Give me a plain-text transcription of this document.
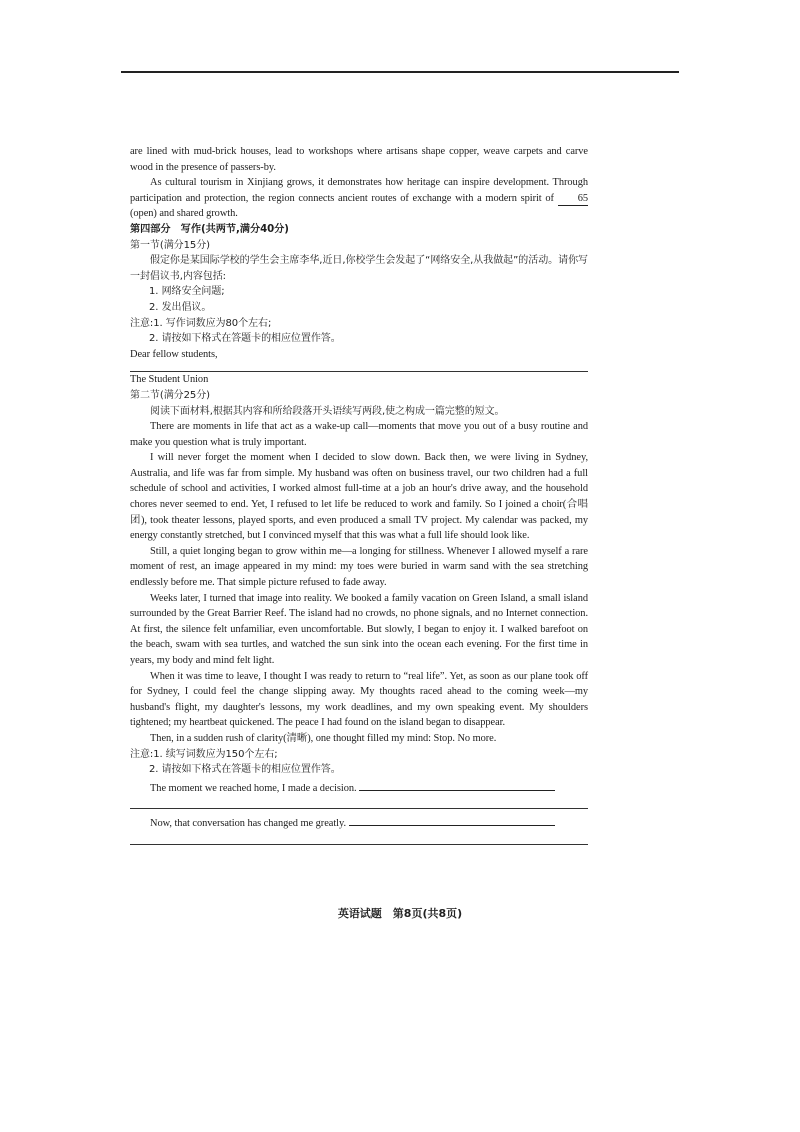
are lined with mud-brick houses, lead to workshops where artisans shape copper, weave carpets and carve wood in the presence of passers-by.

As cultural tourism in Xinjiang grows, it demonstrates how heritage can inspire development. Through participation and protection, the region connects ancient routes of exchange with a modern spirit of 65 (open) and shared growth.

第四部分　写作(共两节,满分40分)

第一节(满分15分)

假定你是某国际学校的学生会主席李华,近日,你校学生会发起了“网络安全,从我做起”的活动。请你写一封倡议书,内容包括:

1. 网络安全问题;

2. 发出倡议。

注意:1. 写作词数应为80个左右;

2. 请按如下格式在答题卡的相应位置作答。

Dear fellow students,

The Student Union

第二节(满分25分)

阅读下面材料,根据其内容和所给段落开头语续写两段,使之构成一篇完整的短文。

There are moments in life that act as a wake-up call—moments that move you out of a busy routine and make you question what is truly important.

I will never forget the moment when I decided to slow down. Back then, we were living in Sydney, Australia, and life was far from simple. My husband was often on business travel, our two children had a full schedule of school and activities, I worked almost full-time at a job an hour's drive away, and the household chores never seemed to end. Yet, I refused to let life be reduced to work and family. So I joined a choir(合唱团), took theater lessons, played sports, and even produced a small TV project. My calendar was packed, my energy constantly stretched, but I convinced myself that this was what a full life should look like.

Still, a quiet longing began to grow within me—a longing for stillness. Whenever I allowed myself a rare moment of rest, an image appeared in my mind: my toes were buried in warm sand with the sea stretching endlessly before me. That simple picture refused to fade away.

Weeks later, I turned that image into reality. We booked a family vacation on Green Island, a small island surrounded by the Great Barrier Reef. The island had no crowds, no phone signals, and no Internet connection. At first, the silence felt unfamiliar, even uncomfortable. But slowly, I began to enjoy it. I walked barefoot on the beach, swam with sea turtles, and watched the sun sink into the ocean each evening. For the first time in years, my body and mind felt light.

When it was time to leave, I thought I was ready to return to “real life”. Yet, as soon as our plane took off for Sydney, I could feel the change slipping away. My thoughts raced ahead to the coming week—my husband's flight, my daughter's lessons, my work deadlines, and my own speaking event. My shoulders tightened; my heartbeat quickened. The peace I had found on the island began to disappear.

Then, in a sudden rush of clarity(清晰), one thought filled my mind: Stop. No more.

注意:1. 续写词数应为150个左右;

2. 请按如下格式在答题卡的相应位置作答。

The moment we reached home, I made a decision.

Now, that conversation has changed me greatly.

英语试题　第8页(共8页)
